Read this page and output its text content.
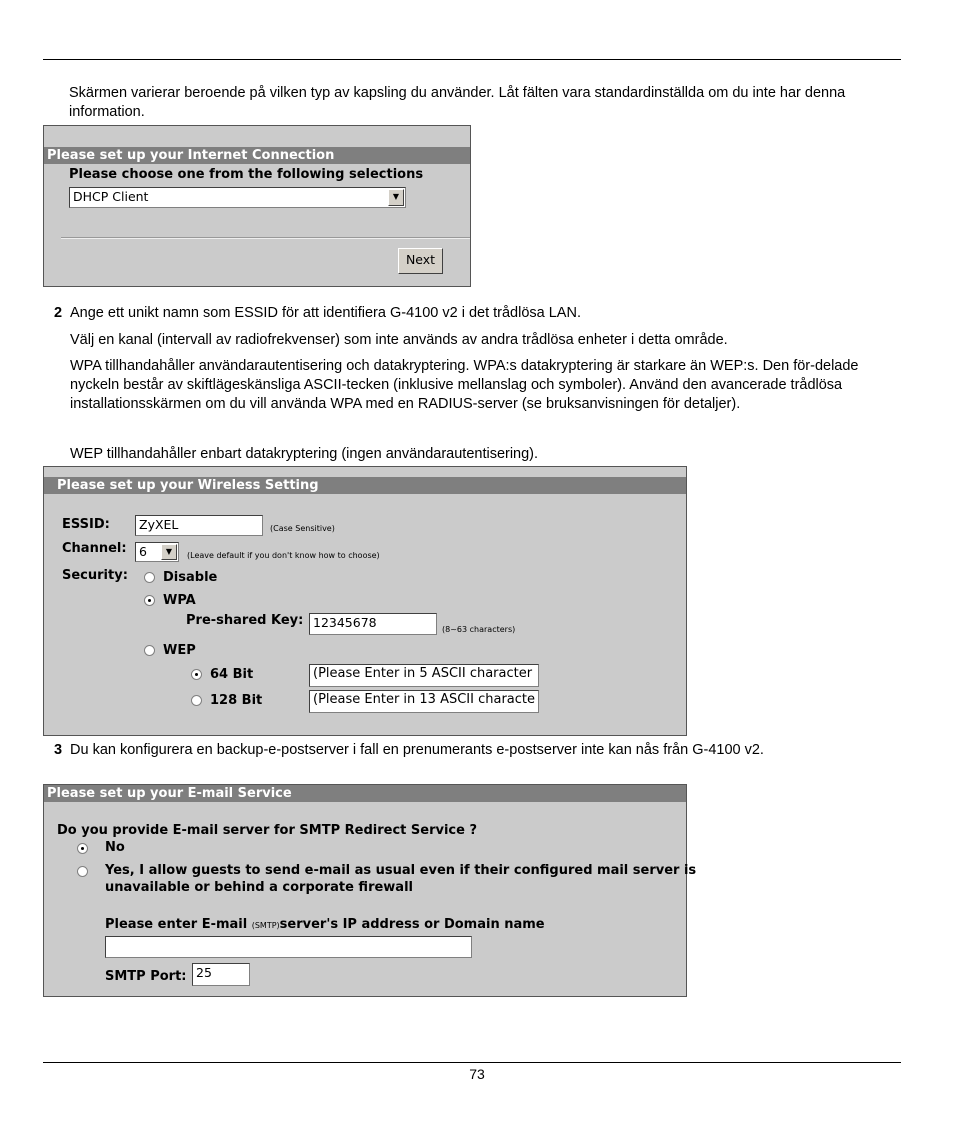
Skärmen varierar beroende på vilken typ av kapsling du använder. Låt fälten vara standardinställda om du inte har denna information.
Please set up your Internet Connection
Please choose one from the following selections
DHCP Client	▼
Next
2 Ange ett unikt namn som ESSID för att identifiera G-4100 v2 i det trådlösa LAN.
Välj en kanal (intervall av radiofrekvenser) som inte används av andra trådlösa enheter i detta område.
WPA tillhandahåller användarautentisering och datakryptering. WPA:s datakryptering är starkare än WEP:s. Den för-delade nyckeln består av skiftlägeskänsliga ASCII-tecken (inklusive mellanslag och symboler). Använd den avancerade trådlösa installationsskärmen om du vill använda WPA med en RADIUS-server (se bruksanvisningen för detaljer).
WEP tillhandahåller enbart datakryptering (ingen användarautentisering).
Please set up your Wireless Setting
ESSID:	ZyXEL	(Case Sensitive)
Channel: 6	▼	(Leave default if you don't know how to choose)
Security:	Disable
WPA
Pre-shared Key: 12345678	(8~63 characters)
WEP
64 Bit	(Please Enter in 5 ASCII character
128 Bit	(Please Enter in 13 ASCII characte
3 Du kan konfigurera en backup-e-postserver i fall en prenumerants e-postserver inte kan nås från G-4100 v2.
Please set up your E-mail Service
Do you provide E-mail server for SMTP Redirect Service ?
No
Yes, I allow guests to send e-mail as usual even if their configured mail server is
unavailable or behind a corporate firewall
Please enter E-mail (SMTP)server's IP address or Domain name
SMTP Port: 25
73
